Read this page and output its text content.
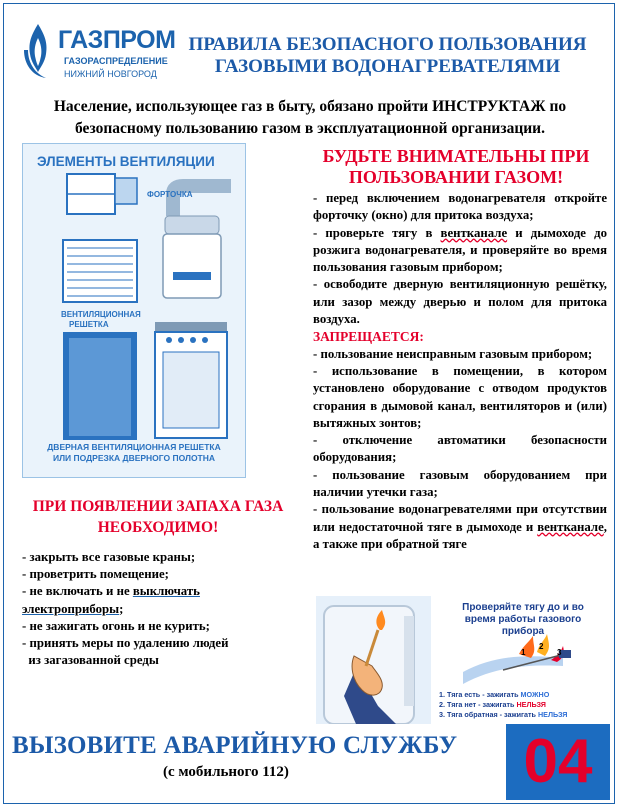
ГАЗПРОМ
ГАЗОРАСПРЕДЕЛЕНИЕ
НИЖНИЙ НОВГОРОД
ПРАВИЛА БЕЗОПАСНОГО ПОЛЬЗОВАНИЯ
ГАЗОВЫМИ ВОДОНАГРЕВАТЕЛЯМИ
Население, использующее газ в быту, обязано пройти ИНСТРУКТАЖ по безопасному пользованию газом в эксплуатационной организации.
ЭЛЕМЕНТЫ ВЕНТИЛЯЦИИ
ФОРТОЧКА
ВЕНТИЛЯЦИОННАЯ
РЕШЕТКА
ДВЕРНАЯ ВЕНТИЛЯЦИОННАЯ РЕШЕТКА
ИЛИ ПОДРЕЗКА ДВЕРНОГО ПОЛОТНА
БУДЬТЕ ВНИМАТЕЛЬНЫ ПРИ
ПОЛЬЗОВАНИИ ГАЗОМ!

- перед включением водонагревателя откройте форточку (окно) для притока воздуха;

- проверьте тягу в вентканале и дымоходе до розжига водонагревателя, и проверяйте во время пользования газовым прибором;

- освободите дверную вентиляционную решётку, или зазор между дверью и полом для притока воздуха.

ЗАПРЕЩАЕТСЯ:

- пользование неисправным газовым прибором;

- использование в помещении, в котором установлено оборудование с отводом продуктов сгорания в дымовой канал, вентиляторов и (или) вытяжных зонтов;

- отключение автоматики безопасности оборудования;

- пользование газовым оборудованием при наличии утечки газа;

- пользование водонагревателями при отсутствии или недостаточной тяге в дымоходе и вентканале, а также при обратной тяге

ПРИ ПОЯВЛЕНИИ ЗАПАХА ГАЗА
НЕОБХОДИМО!

- закрыть все газовые краны;

- проветрить помещение;

- не включать и не выключать
электроприборы;

- не зажигать огонь и не курить;

- принять меры по удалению людей
из загазованной среды

Проверяйте тягу до и во
время работы газового
прибора
1
2
3
1. Тяга есть - зажигать МОЖНО
2. Тяга нет - зажигать НЕЛЬЗЯ
3. Тяга обратная - зажигать НЕЛЬЗЯ
ВЫЗОВИТЕ АВАРИЙНУЮ СЛУЖБУ
(с мобильного 112)	04
